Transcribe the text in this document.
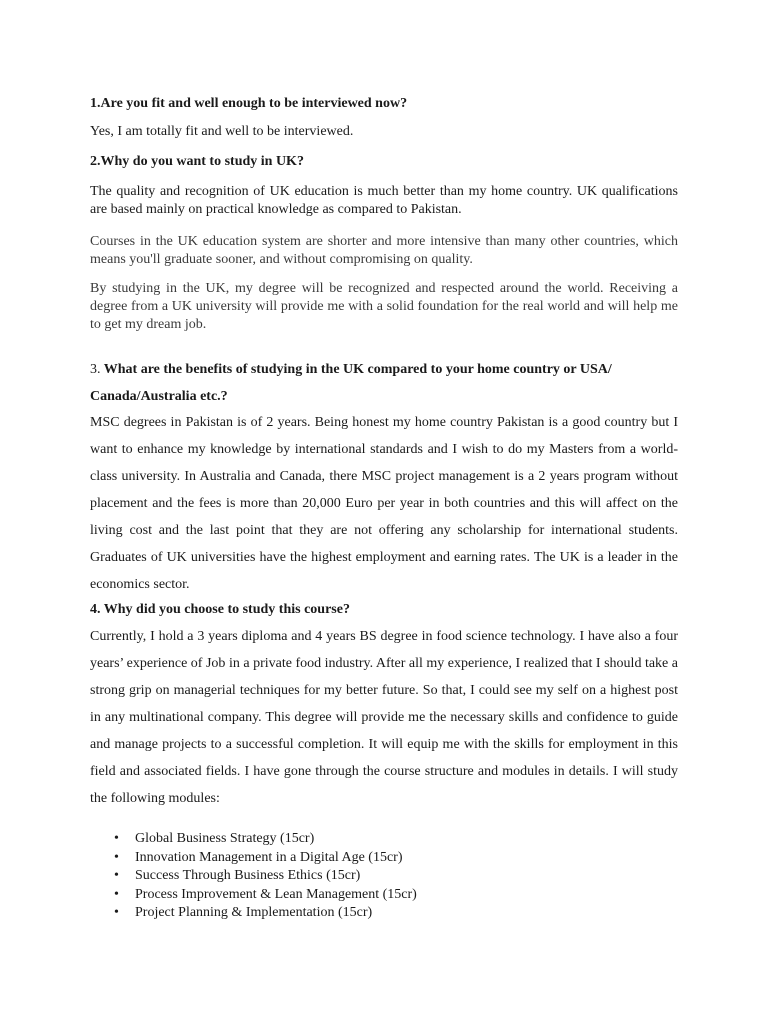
1.Are you fit and well enough to be interviewed now?

Yes, I am totally fit and well to be interviewed.

2.Why do you want to study in UK?

The quality and recognition of UK education is much better than my home country. UK qualifications are based mainly on practical knowledge as compared to Pakistan.

Courses in the UK education system are shorter and more intensive than many other countries, which means you'll graduate sooner, and without compromising on quality.

By studying in the UK, my degree will be recognized and respected around the world. Receiving a degree from a UK university will provide me with a solid foundation for the real world and will help me to get my dream job.

3. What are the benefits of studying in the UK compared to your home country or USA/ Canada/Australia etc.?

MSC degrees in Pakistan is of 2 years. Being honest my home country Pakistan is a good country but I want to enhance my knowledge by international standards and I wish to do my Masters from a world-class university. In Australia and Canada, there MSC project management is a 2 years program without placement and the fees is more than 20,000 Euro per year in both countries and this will affect on the living cost and the last point that they are not offering any scholarship for international students. Graduates of UK universities have the highest employment and earning rates. The UK is a leader in the economics sector.

4. Why did you choose to study this course?

Currently, I hold a 3 years diploma and 4 years BS degree in food science technology. I have also a four years’ experience of Job in a private food industry. After all my experience, I realized that I should take a strong grip on managerial techniques for my better future. So that, I could see my self on a highest post in any multinational company. This degree will provide me the necessary skills and confidence to guide and manage projects to a successful completion. It will equip me with the skills for employment in this field and associated fields. I have gone through the course structure and modules in details. I will study the following modules:

• Global Business Strategy (15cr)
• Innovation Management in a Digital Age (15cr)
• Success Through Business Ethics (15cr)
• Process Improvement & Lean Management (15cr)
• Project Planning & Implementation (15cr)
